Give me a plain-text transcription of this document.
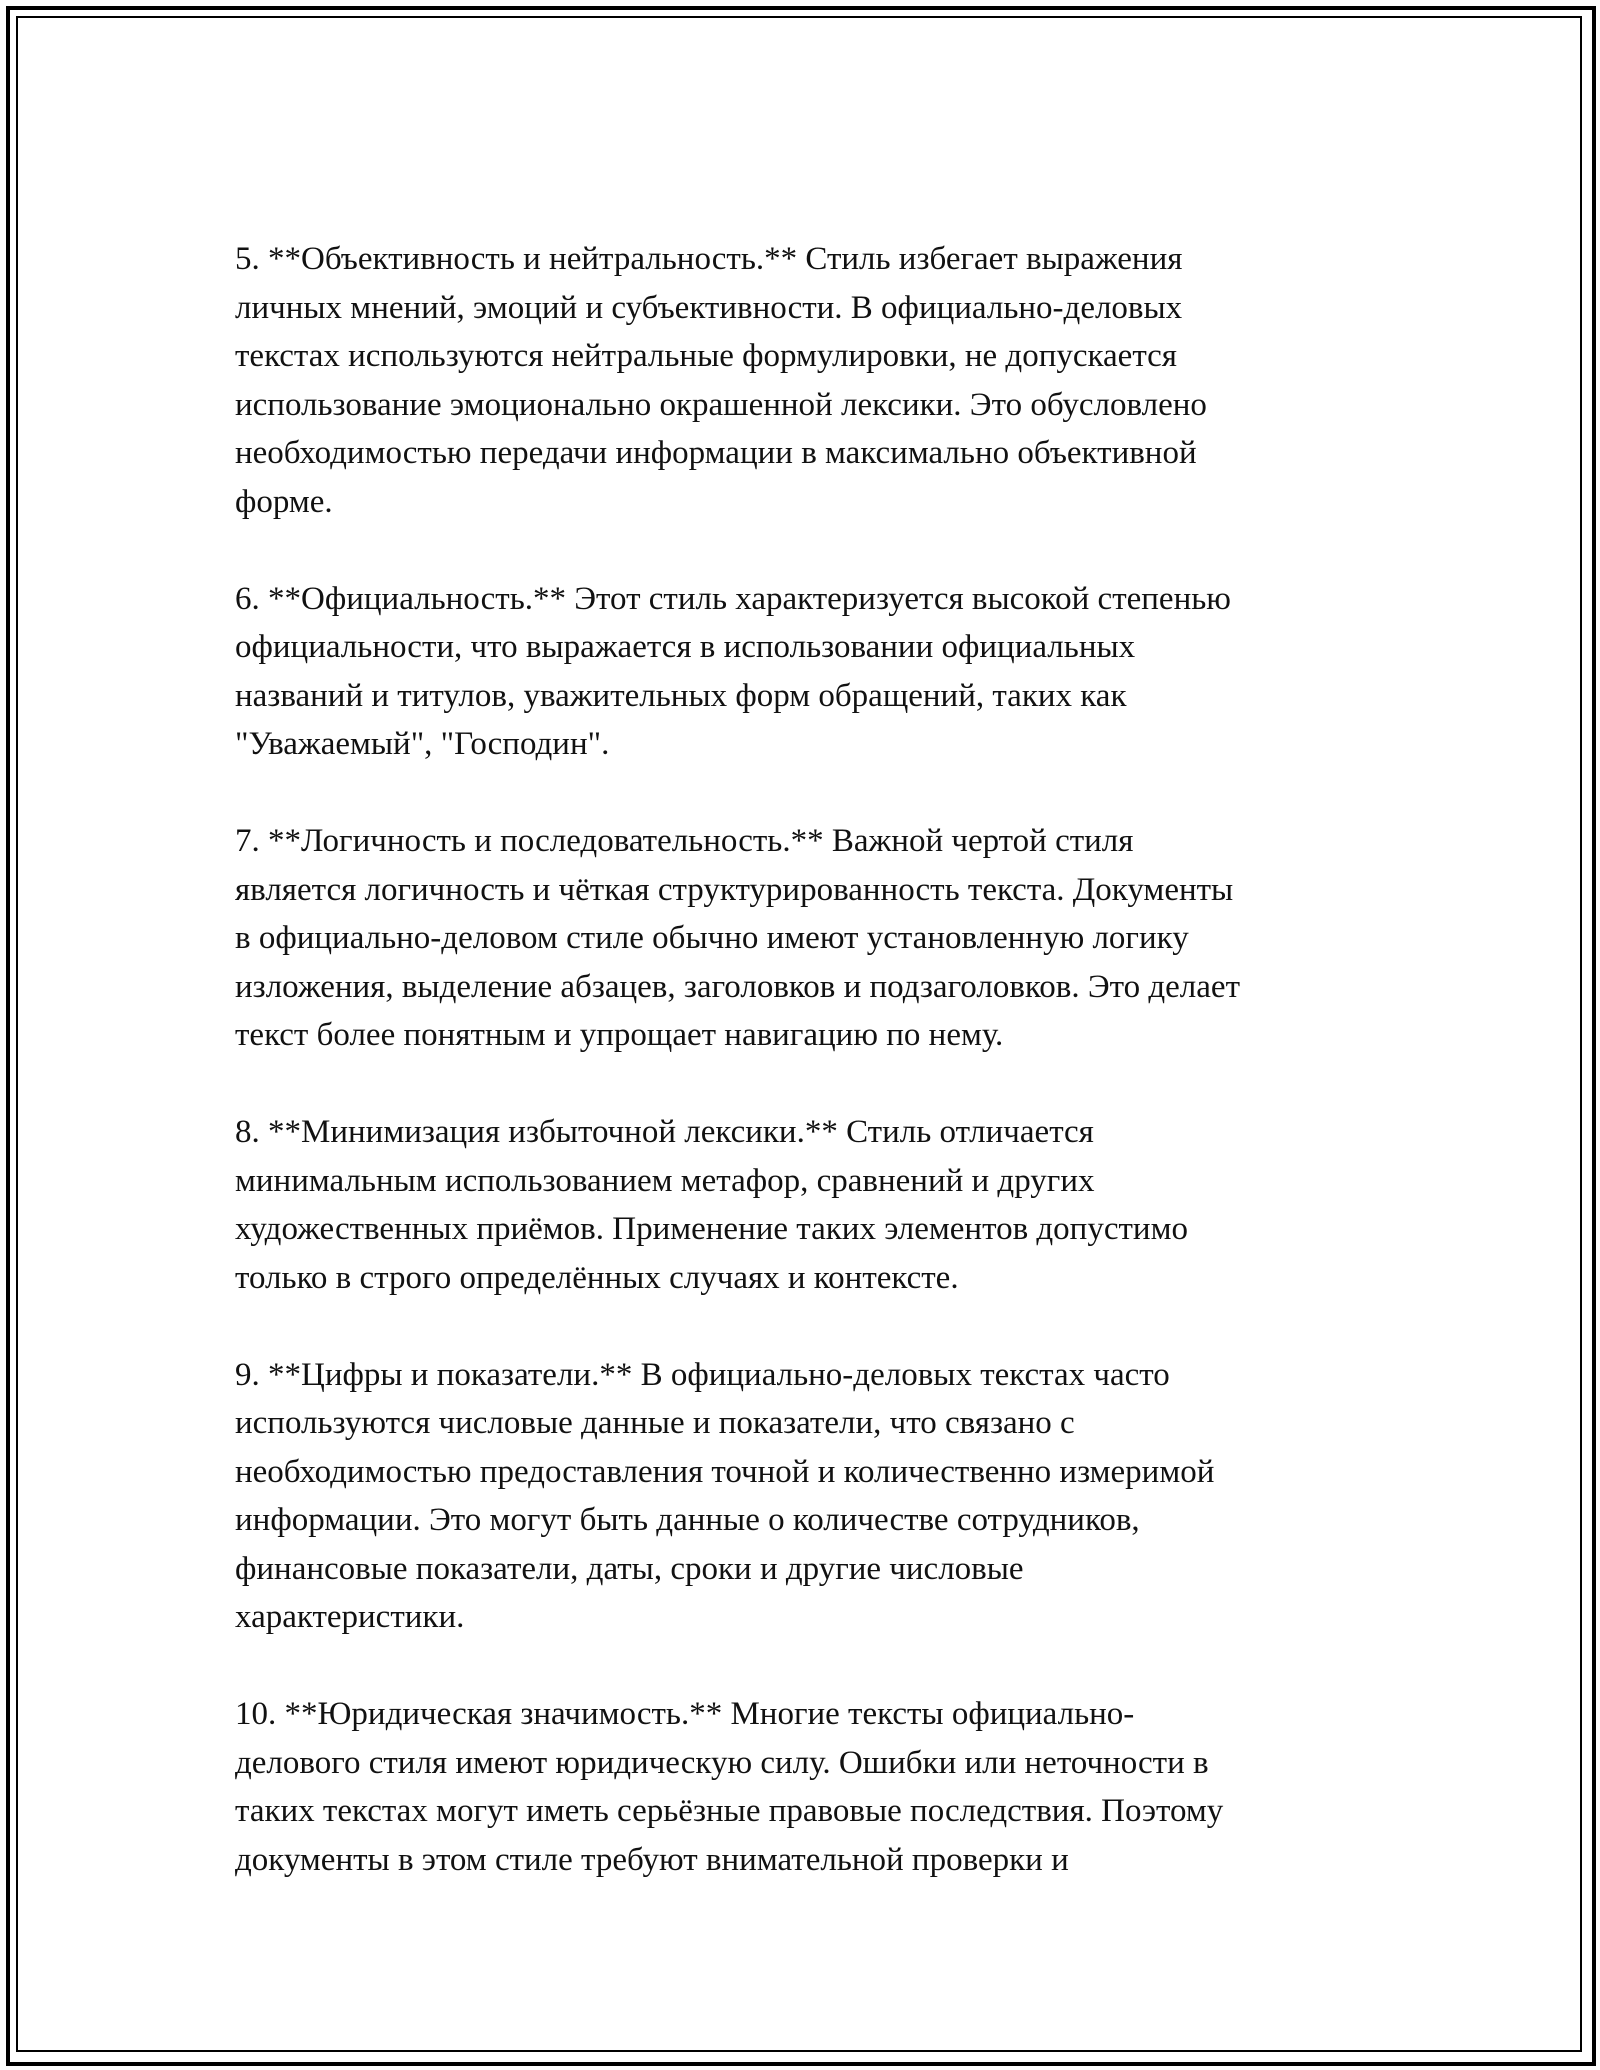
5. **Объективность и нейтральность.** Стиль избегает выражения
личных мнений, эмоций и субъективности. В официально-деловых
текстах используются нейтральные формулировки, не допускается
использование эмоционально окрашенной лексики. Это обусловлено
необходимостью передачи информации в максимально объективной
форме.

6. **Официальность.** Этот стиль характеризуется высокой степенью
официальности, что выражается в использовании официальных
названий и титулов, уважительных форм обращений, таких как
"Уважаемый", "Господин".

7. **Логичность и последовательность.** Важной чертой стиля
является логичность и чёткая структурированность текста. Документы
в официально-деловом стиле обычно имеют установленную логику
изложения, выделение абзацев, заголовков и подзаголовков. Это делает
текст более понятным и упрощает навигацию по нему.

8. **Минимизация избыточной лексики.** Стиль отличается
минимальным использованием метафор, сравнений и других
художественных приёмов. Применение таких элементов допустимо
только в строго определённых случаях и контексте.

9. **Цифры и показатели.** В официально-деловых текстах часто
используются числовые данные и показатели, что связано с
необходимостью предоставления точной и количественно измеримой
информации. Это могут быть данные о количестве сотрудников,
финансовые показатели, даты, сроки и другие числовые
характеристики.

10. **Юридическая значимость.** Многие тексты официально-
делового стиля имеют юридическую силу. Ошибки или неточности в
таких текстах могут иметь серьёзные правовые последствия. Поэтому
документы в этом стиле требуют внимательной проверки и
